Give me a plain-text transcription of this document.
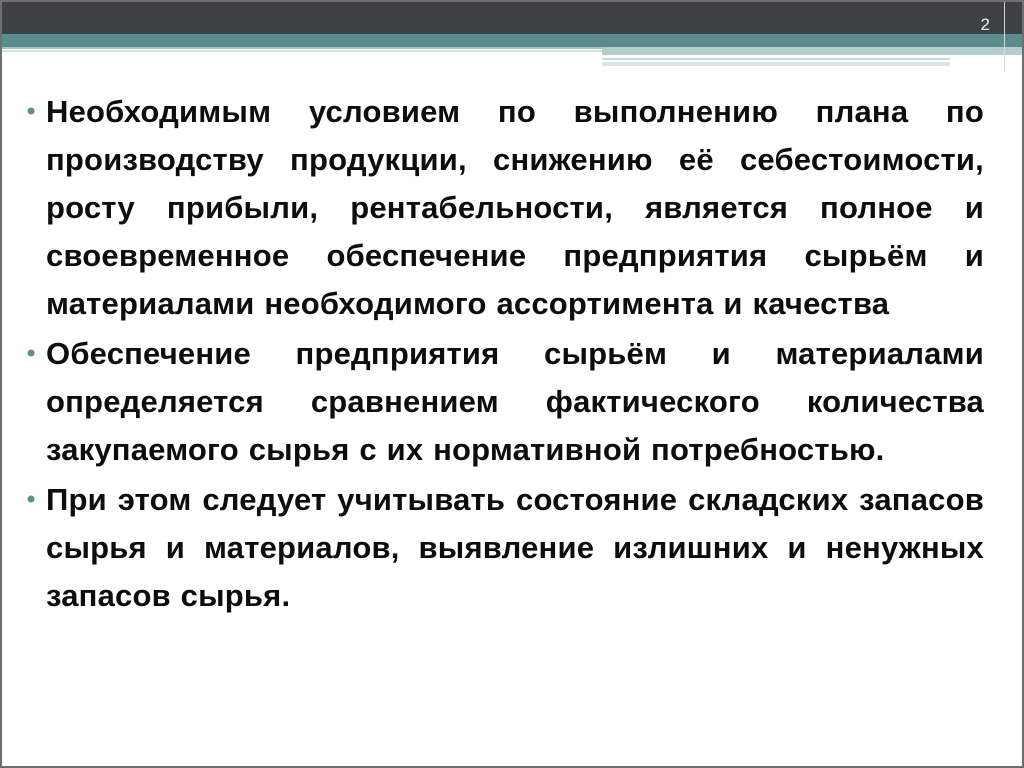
2
• Необходимым условием по выполнению плана по производству продукции, снижению её себестоимости, росту прибыли, рентабельности, является полное и своевременное обеспечение предприятия сырьём и материалами необходимого ассортимента и качества
• Обеспечение предприятия сырьём и материалами определяется сравнением фактического количества закупаемого сырья с их нормативной потребностью.
• При этом следует учитывать состояние складских запасов сырья и материалов, выявление излишних и ненужных запасов сырья.
